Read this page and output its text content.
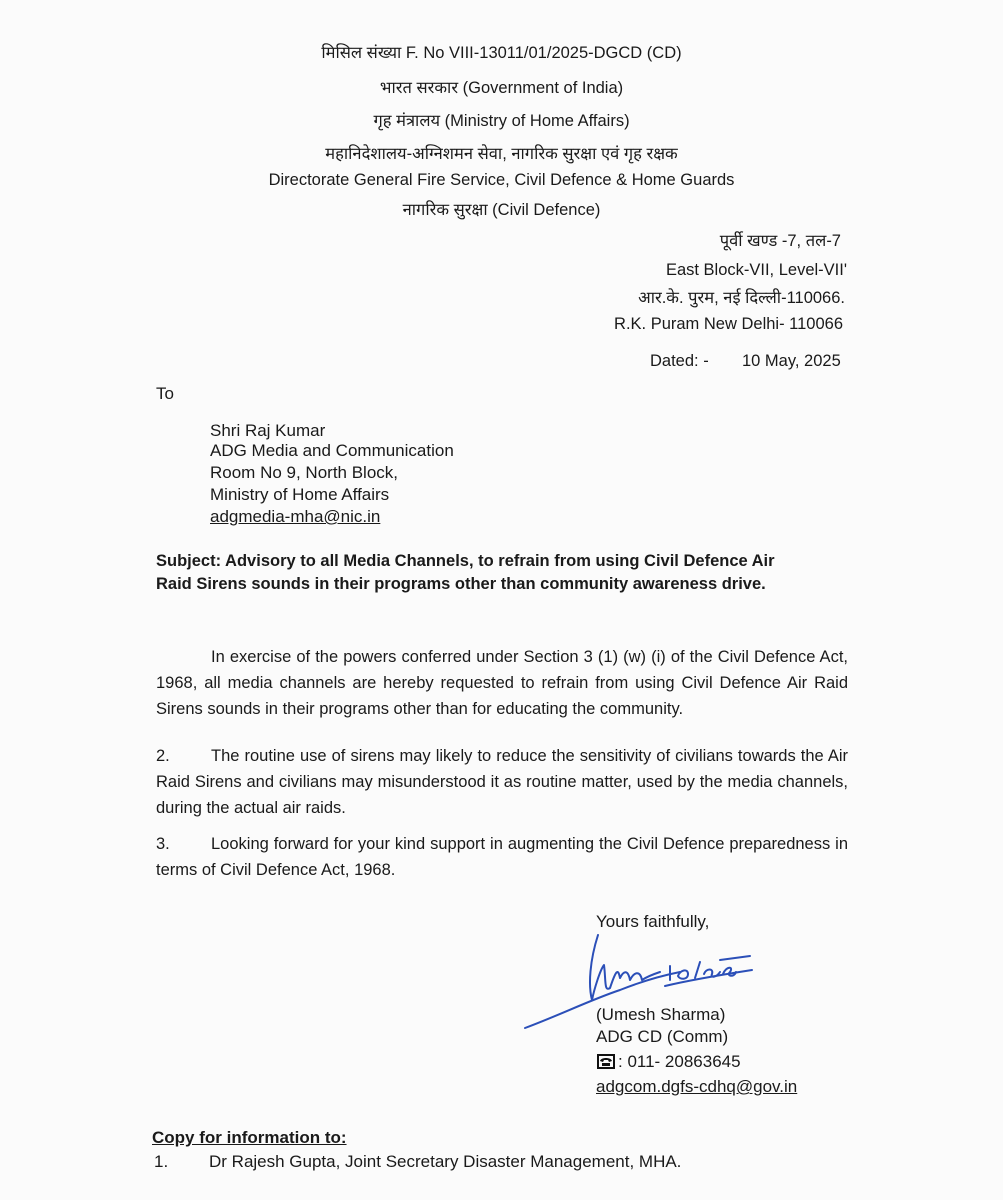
मिसिल संख्या F. No VIII-13011/01/2025-DGCD (CD)
भारत सरकार (Government of India)
गृह मंत्रालय (Ministry of Home Affairs)
महानिदेशालय-अग्निशमन सेवा, नागरिक सुरक्षा एवं गृह रक्षक
Directorate General Fire Service, Civil Defence & Home Guards
नागरिक सुरक्षा (Civil Defence)
पूर्वी खण्ड -7, तल-7
East Block-VII, Level-VII'
आर.के. पुरम, नई दिल्ली-110066.
R.K. Puram New Delhi- 110066
Dated: - 10 May, 2025
To
Shri Raj Kumar
ADG Media and Communication
Room No 9, North Block,
Ministry of Home Affairs
adgmedia-mha@nic.in
Subject: Advisory to all Media Channels, to refrain from using Civil Defence Air
Raid Sirens sounds in their programs other than community awareness drive.
In exercise of the powers conferred under Section 3 (1) (w) (i) of the Civil Defence Act, 1968, all media channels are hereby requested to refrain from using Civil Defence Air Raid Sirens sounds in their programs other than for educating the community.
2. The routine use of sirens may likely to reduce the sensitivity of civilians towards the Air Raid Sirens and civilians may misunderstood it as routine matter, used by the media channels, during the actual air raids.
3. Looking forward for your kind support in augmenting the Civil Defence preparedness in terms of Civil Defence Act, 1968.
Yours faithfully,
(Umesh Sharma)
ADG CD (Comm)
: 011- 20863645
adgcom.dgfs-cdhq@gov.in
Copy for information to:
1. Dr Rajesh Gupta, Joint Secretary Disaster Management, MHA.
